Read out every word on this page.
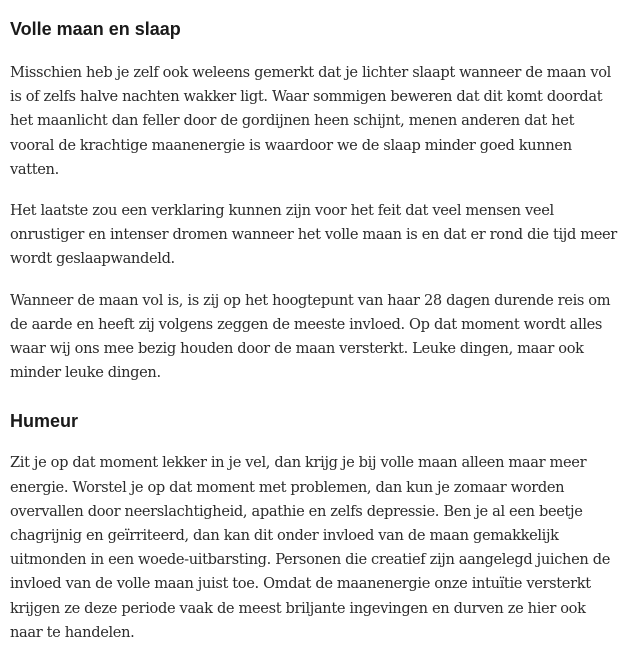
Volle maan en slaap

Misschien heb je zelf ook weleens gemerkt dat je lichter slaapt wanneer de maan vol is of zelfs halve nachten wakker ligt. Waar sommigen beweren dat dit komt doordat het maanlicht dan feller door de gordijnen heen schijnt, menen anderen dat het vooral de krachtige maanenergie is waardoor we de slaap minder goed kunnen vatten.

Het laatste zou een verklaring kunnen zijn voor het feit dat veel mensen veel onrustiger en intenser dromen wanneer het volle maan is en dat er rond die tijd meer wordt geslaapwandeld.

Wanneer de maan vol is, is zij op het hoogtepunt van haar 28 dagen durende reis om de aarde en heeft zij volgens zeggen de meeste invloed. Op dat moment wordt alles waar wij ons mee bezig houden door de maan versterkt. Leuke dingen, maar ook minder leuke dingen.

Humeur

Zit je op dat moment lekker in je vel, dan krijg je bij volle maan alleen maar meer energie. Worstel je op dat moment met problemen, dan kun je zomaar worden overvallen door neerslachtigheid, apathie en zelfs depressie. Ben je al een beetje chagrijnig en geïrriteerd, dan kan dit onder invloed van de maan gemakkelijk uitmonden in een woede-uitbarsting. Personen die creatief zijn aangelegd juichen de invloed van de volle maan juist toe. Omdat de maanenergie onze intuïtie versterkt krijgen ze deze periode vaak de meest briljante ingevingen en durven ze hier ook naar te handelen.
